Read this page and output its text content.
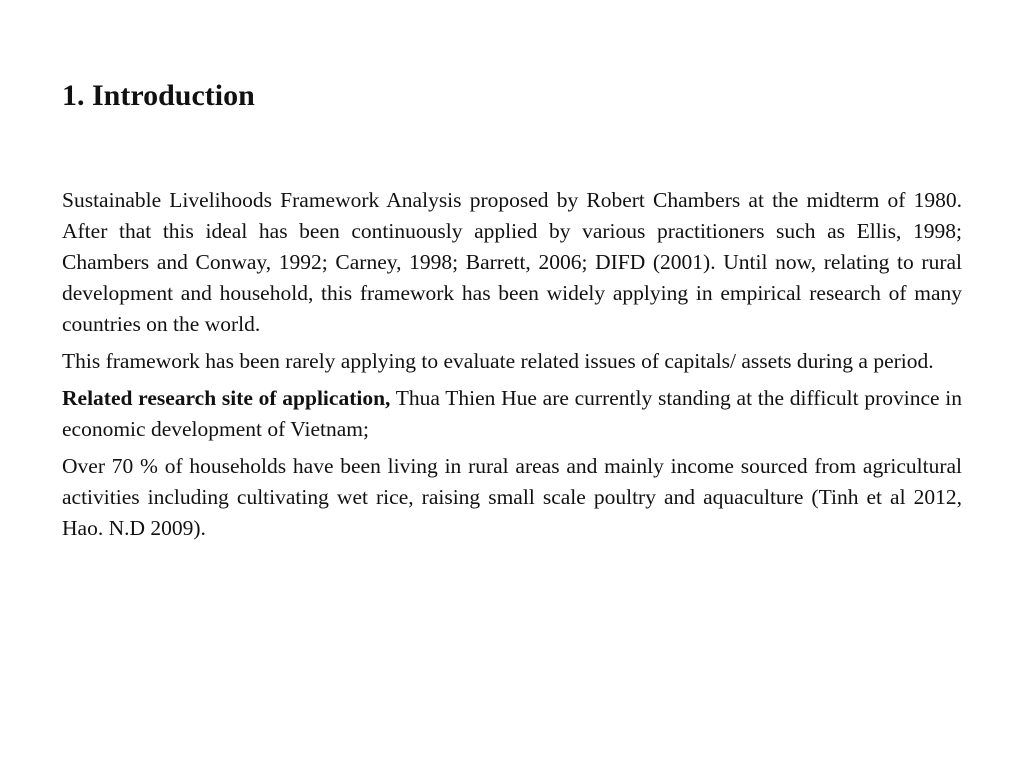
1. Introduction

Sustainable Livelihoods Framework Analysis proposed by Robert Chambers at the midterm of 1980. After that this ideal has been continuously applied by various practitioners such as Ellis, 1998; Chambers and Conway, 1992; Carney, 1998; Barrett, 2006; DIFD (2001). Until now, relating to rural development and household, this framework has been widely applying in empirical research of many countries on the world.

This framework has been rarely applying to evaluate related issues of capitals/ assets during a period.

Related research site of application, Thua Thien Hue are currently standing at the difficult province in economic development of Vietnam;

Over 70 % of households have been living in rural areas and mainly income sourced from agricultural activities including cultivating wet rice, raising small scale poultry and aquaculture (Tinh et al 2012, Hao. N.D 2009).
